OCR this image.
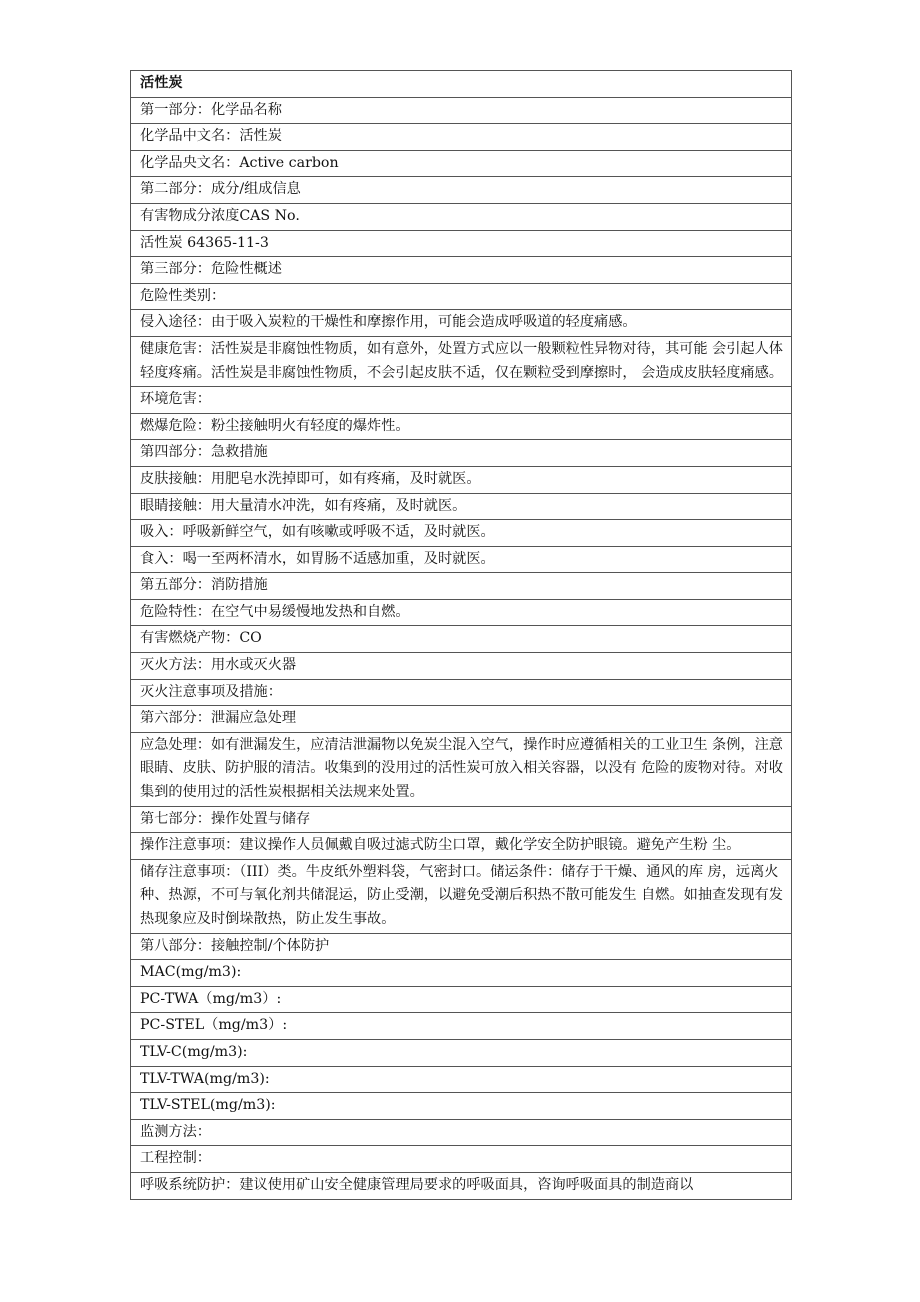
活性炭
第一部分：化学品名称
化学品中文名：活性炭
化学品央文名：Active carbon
第二部分：成分/组成信息
有害物成分浓度CAS No.
活性炭 64365-11-3
第三部分：危险性概述
危险性类别：
侵入途径：由于吸入炭粒的干燥性和摩擦作用，可能会造成呼吸道的轻度痛感。
健康危害：活性炭是非腐蚀性物质，如有意外，处置方式应以一般颗粒性异物对待，其可能 会引起人体轻度疼痛。活性炭是非腐蚀性物质，不会引起皮肤不适，仅在颗粒受到摩擦时， 会造成皮肤轻度痛感。
环境危害：
燃爆危险：粉尘接触明火有轻度的爆炸性。
第四部分：急救措施
皮肤接触：用肥皂水洗掉即可，如有疼痛，及时就医。
眼睛接触：用大量清水冲洗，如有疼痛，及时就医。
吸入：呼吸新鲜空气，如有咳嗽或呼吸不适，及时就医。
食入：喝一至两杯清水，如胃肠不适感加重，及时就医。
第五部分：消防措施
危险特性：在空气中易缓慢地发热和自燃。
有害燃烧产物：CO
灭火方法：用水或灭火器
灭火注意事项及措施：
第六部分：泄漏应急处理
应急处理：如有泄漏发生，应清洁泄漏物以免炭尘混入空气，操作时应遵循相关的工业卫生 条例，注意眼睛、皮肤、防护服的清洁。收集到的没用过的活性炭可放入相关容器，以没有 危险的废物对待。对收集到的使用过的活性炭根据相关法规来处置。
第七部分：操作处置与储存
操作注意事项：建议操作人员佩戴自吸过滤式防尘口罩，戴化学安全防护眼镜。避免产生粉 尘。
储存注意事项：（III）类。牛皮纸外塑料袋，气密封口。储运条件：储存于干燥、通风的库 房，远离火种、热源，不可与氧化剂共储混运，防止受潮，以避免受潮后积热不散可能发生 自燃。如抽查发现有发热现象应及时倒垛散热，防止发生事故。
第八部分：接触控制/个体防护
MAC(mg/m3):
PC-TWA（mg/m3）:
PC-STEL（mg/m3）:
TLV-C(mg/m3):
TLV-TWA(mg/m3):
TLV-STEL(mg/m3):
监测方法：
工程控制：
呼吸系统防护：建议使用矿山安全健康管理局要求的呼吸面具，咨询呼吸面具的制造商以
